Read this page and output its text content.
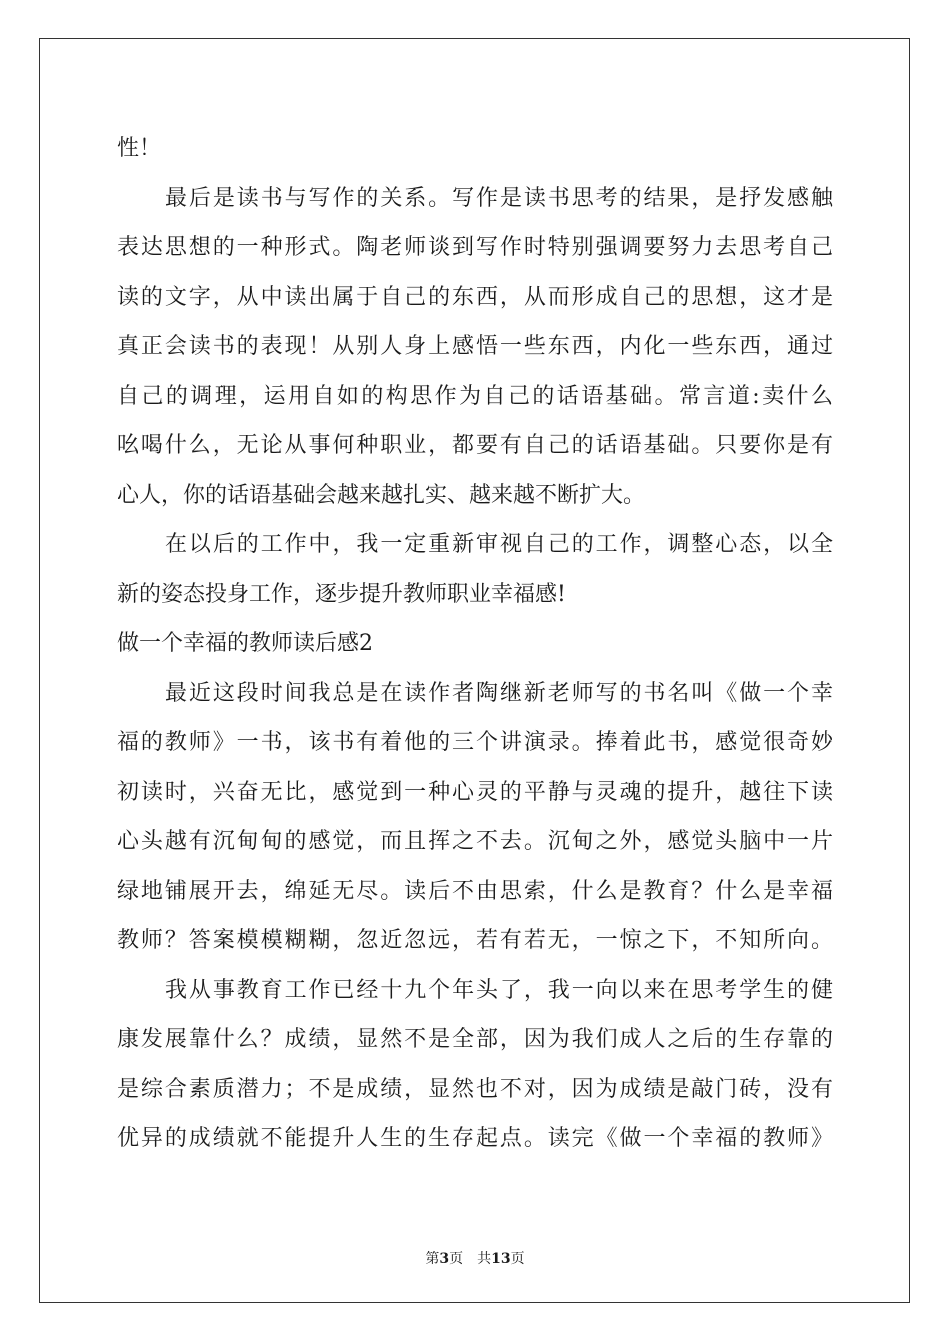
性！
最后是读书与写作的关系。写作是读书思考的结果，是抒发感触
表达思想的一种形式。陶老师谈到写作时特别强调要努力去思考自己
读的文字，从中读出属于自己的东西，从而形成自己的思想，这才是
真正会读书的表现！从别人身上感悟一些东西，内化一些东西，通过
自己的调理，运用自如的构思作为自己的话语基础。常言道:卖什么
吆喝什么，无论从事何种职业，都要有自己的话语基础。只要你是有
心人，你的话语基础会越来越扎实、越来越不断扩大。
在以后的工作中，我一定重新审视自己的工作，调整心态，以全
新的姿态投身工作，逐步提升教师职业幸福感!
做一个幸福的教师读后感2
最近这段时间我总是在读作者陶继新老师写的书名叫《做一个幸
福的教师》一书，该书有着他的三个讲演录。捧着此书，感觉很奇妙
初读时，兴奋无比，感觉到一种心灵的平静与灵魂的提升，越往下读
心头越有沉甸甸的感觉，而且挥之不去。沉甸之外，感觉头脑中一片
绿地铺展开去，绵延无尽。读后不由思索，什么是教育？什么是幸福
教师？答案模模糊糊，忽近忽远，若有若无，一惊之下，不知所向。
我从事教育工作已经十九个年头了，我一向以来在思考学生的健
康发展靠什么？成绩，显然不是全部，因为我们成人之后的生存靠的
是综合素质潜力；不是成绩，显然也不对，因为成绩是敲门砖，没有
优异的成绩就不能提升人生的生存起点。读完《做一个幸福的教师》
第3页 共13页
